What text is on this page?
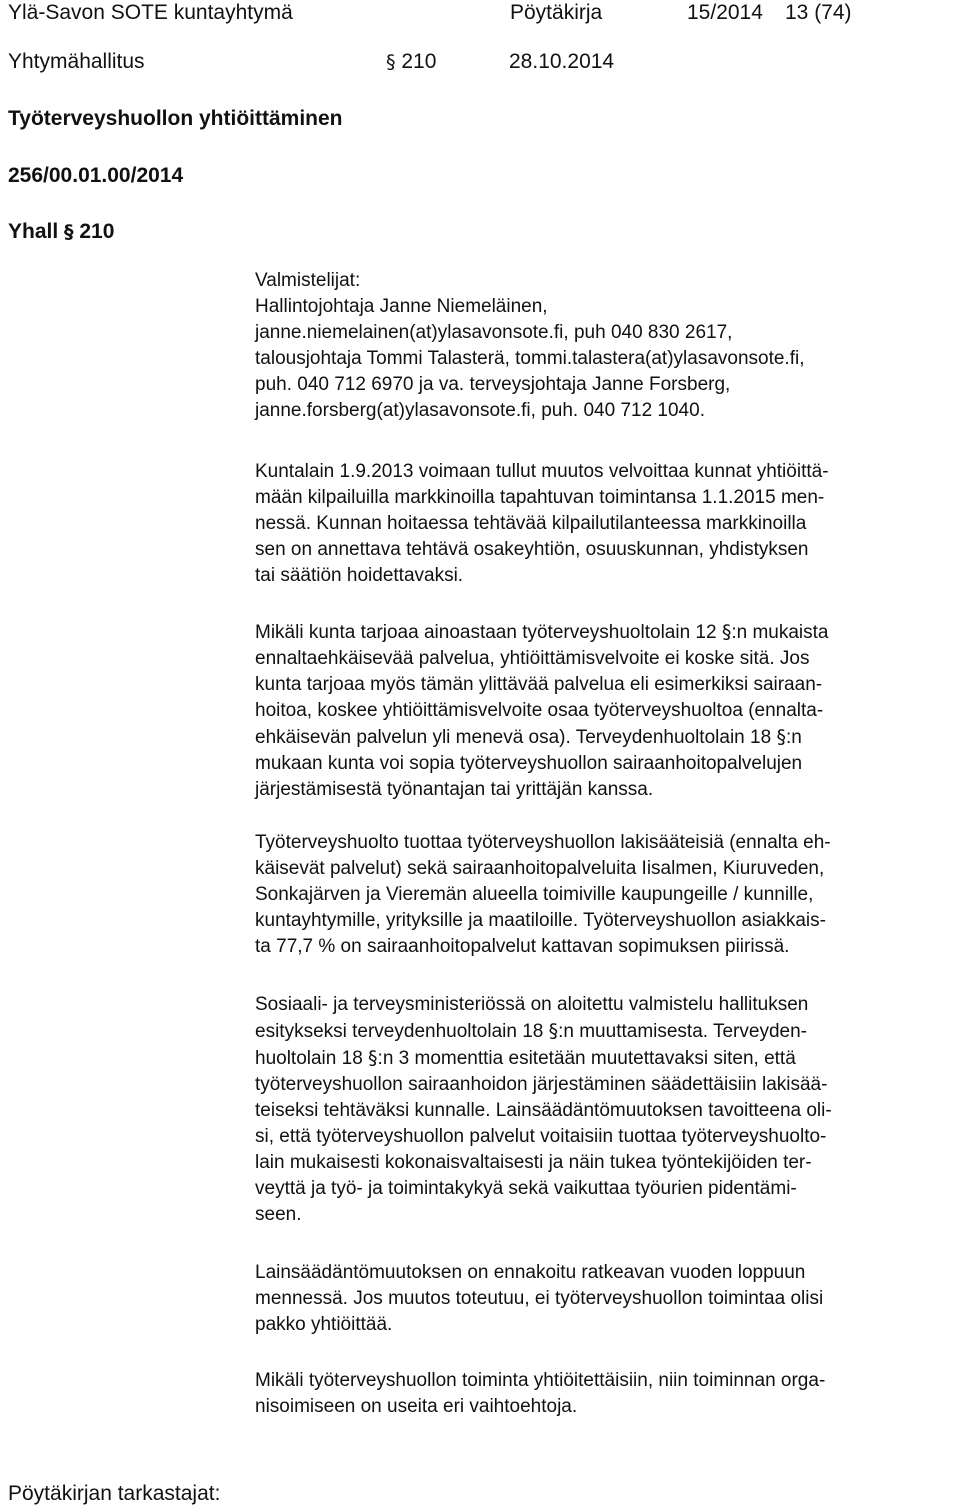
Ylä-Savon SOTE kuntayhtymä	Pöytäkirja	15/2014 13 (74)
Yhtymähallitus	§ 210	28.10.2014
Työterveyshuollon yhtiöittäminen
256/00.01.00/2014
Yhall § 210
Valmistelijat:
Hallintojohtaja Janne Niemeläinen,
janne.niemelainen(at)ylasavonsote.fi, puh 040 830 2617,
talousjohtaja Tommi Talasterä, tommi.talastera(at)ylasavonsote.fi,
puh. 040 712 6970 ja va. terveysjohtaja Janne Forsberg,
janne.forsberg(at)ylasavonsote.fi, puh. 040 712 1040.
Kuntalain 1.9.2013 voimaan tullut muutos velvoittaa kunnat yhtiöittä-
mään kilpailuilla markkinoilla tapahtuvan toimintansa 1.1.2015 men-
nessä. Kunnan hoitaessa tehtävää kilpailutilanteessa markkinoilla
sen on annettava tehtävä osakeyhtiön, osuuskunnan, yhdistyksen
tai säätiön hoidettavaksi.
Mikäli kunta tarjoaa ainoastaan työterveyshuoltolain 12 §:n mukaista
ennaltaehkäisevää palvelua, yhtiöittämisvelvoite ei koske sitä. Jos
kunta tarjoaa myös tämän ylittävää palvelua eli esimerkiksi sairaan-
hoitoa, koskee yhtiöittämisvelvoite osaa työterveyshuoltoa (ennalta-
ehkäisevän palvelun yli menevä osa). Terveydenhuoltolain 18 §:n
mukaan kunta voi sopia työterveyshuollon sairaanhoitopalvelujen
järjestämisestä työnantajan tai yrittäjän kanssa.
Työterveyshuolto tuottaa työterveyshuollon lakisääteisiä (ennalta eh-
käisevät palvelut) sekä sairaanhoitopalveluita Iisalmen, Kiuruveden,
Sonkajärven ja Vieremän alueella toimiville kaupungeille / kunnille,
kuntayhtymille, yrityksille ja maatiloille. Työterveyshuollon asiakkais-
ta 77,7 % on sairaanhoitopalvelut kattavan sopimuksen piirissä.
Sosiaali- ja terveysministeriössä on aloitettu valmistelu hallituksen
esitykseksi terveydenhuoltolain 18 §:n muuttamisesta. Terveyden-
huoltolain 18 §:n 3 momenttia esitetään muutettavaksi siten, että
työterveyshuollon sairaanhoidon järjestäminen säädettäisiin lakisää-
teiseksi tehtäväksi kunnalle. Lainsäädäntömuutoksen tavoitteena oli-
si, että työterveyshuollon palvelut voitaisiin tuottaa työterveyshuolto-
lain mukaisesti kokonaisvaltaisesti ja näin tukea työntekijöiden ter-
veyttä ja työ- ja toimintakykyä sekä vaikuttaa työurien pidentämi-
seen.
Lainsäädäntömuutoksen on ennakoitu ratkeavan vuoden loppuun
mennessä. Jos muutos toteutuu, ei työterveyshuollon toimintaa olisi
pakko yhtiöittää.
Mikäli työterveyshuollon toiminta yhtiöitettäisiin, niin toiminnan orga-
nisoimiseen on useita eri vaihtoehtoja.
Pöytäkirjan tarkastajat:
